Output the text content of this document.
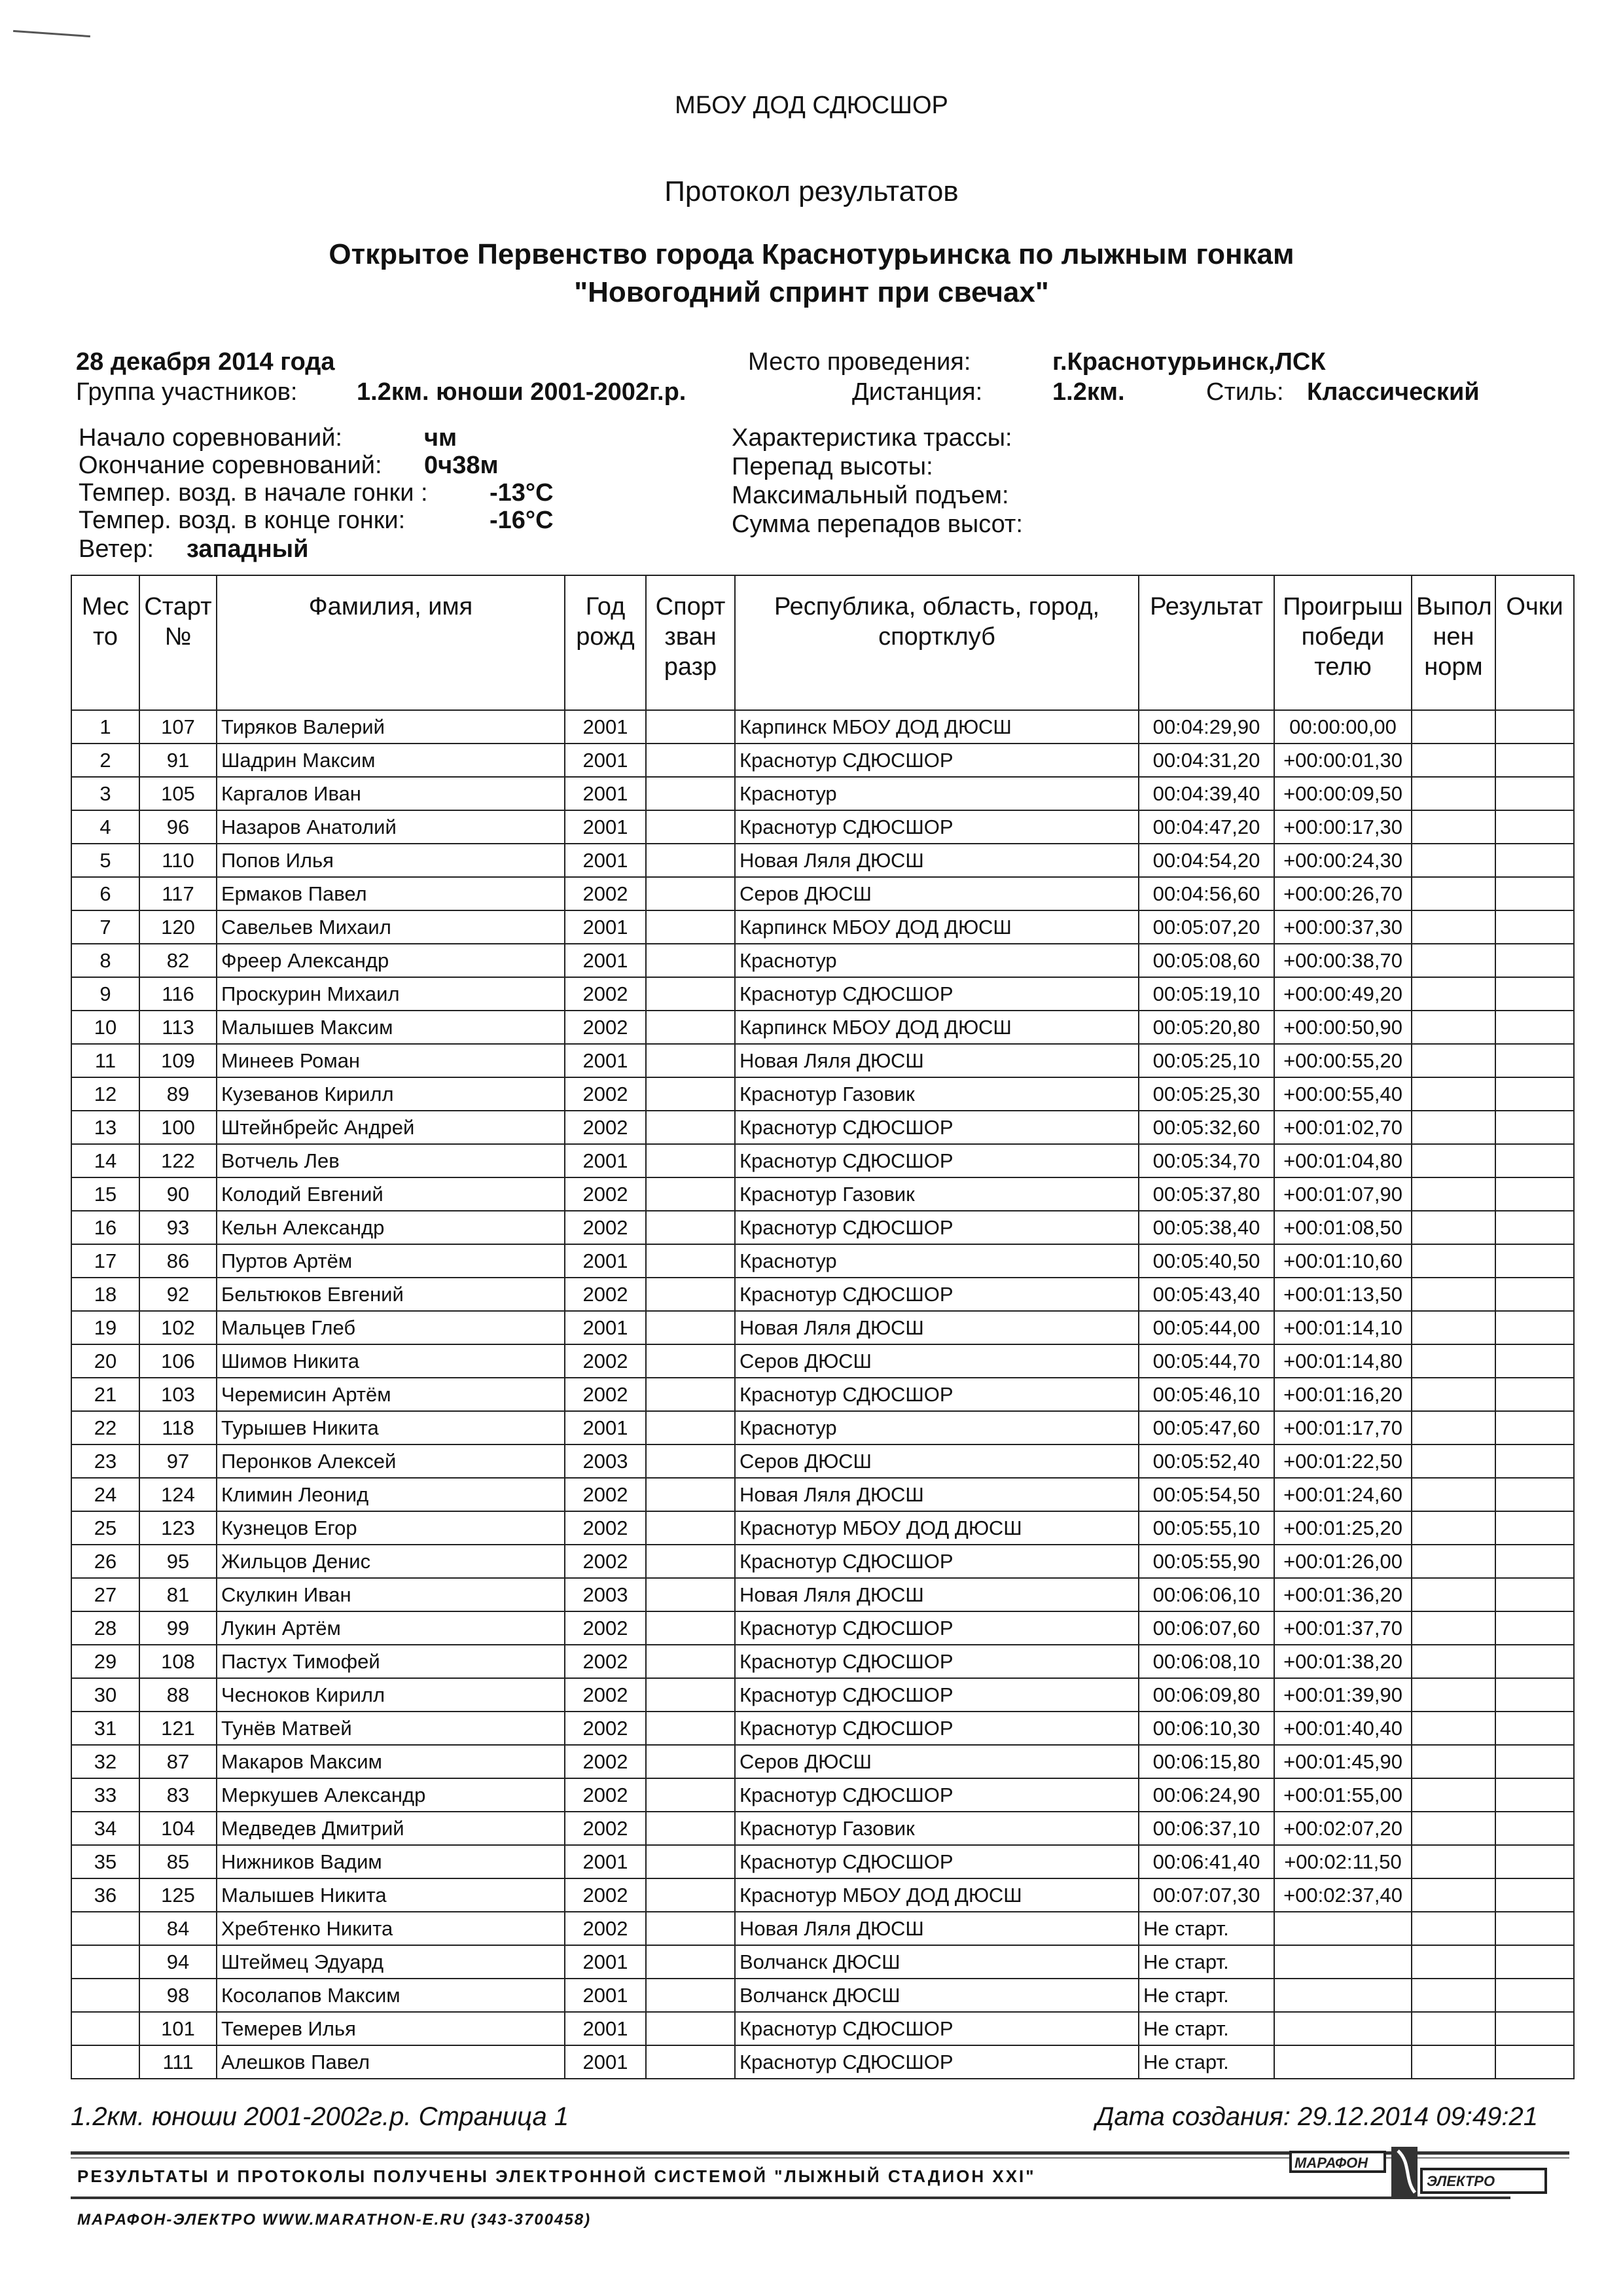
МБОУ ДОД СДЮСШОР
Протокол результатов
Открытое Первенство города Краснотурьинска по лыжным гонкам
"Новогодний спринт при свечах"
28 декабря 2014 года
Группа участников: 1.2км. юноши 2001-2002г.р.
Место проведения:	г.Краснотурьинск,ЛСК
Дистанция:	1.2км.	Стиль: Классический
Начало соревнований:	чм
Окончание соревнований: 0ч38м
Темпер. возд. в начале гонки : -13°C
Темпер. возд. в конце гонки:	-16°C
Ветер: западный
Характеристика трассы:
Перепад высоты:
Максимальный подъем:
Сумма перепадов высот:
Мес то	Старт №	Фамилия, имя	Год рожд	Спорт зван разр	Республика, область, город, спортклуб	Результат	Проигрыш победи телю	Выпол нен норм	Очки
1	107	Тиряков Валерий	2001		Карпинск МБОУ ДОД ДЮСШ	00:04:29,90	00:00:00,00		
2	91	Шадрин Максим	2001		Краснотур СДЮСШОР	00:04:31,20	+00:00:01,30		
3	105	Каргалов Иван	2001		Краснотур	00:04:39,40	+00:00:09,50		
4	96	Назаров Анатолий	2001		Краснотур СДЮСШОР	00:04:47,20	+00:00:17,30		
5	110	Попов Илья	2001		Новая Ляля ДЮСШ	00:04:54,20	+00:00:24,30		
6	117	Ермаков Павел	2002		Серов ДЮСШ	00:04:56,60	+00:00:26,70		
7	120	Савельев Михаил	2001		Карпинск МБОУ ДОД ДЮСШ	00:05:07,20	+00:00:37,30		
8	82	Фреер Александр	2001		Краснотур	00:05:08,60	+00:00:38,70		
9	116	Проскурин Михаил	2002		Краснотур СДЮСШОР	00:05:19,10	+00:00:49,20		
10	113	Малышев Максим	2002		Карпинск МБОУ ДОД ДЮСШ	00:05:20,80	+00:00:50,90		
11	109	Минеев Роман	2001		Новая Ляля ДЮСШ	00:05:25,10	+00:00:55,20		
12	89	Кузеванов Кирилл	2002		Краснотур Газовик	00:05:25,30	+00:00:55,40		
13	100	Штейнбрейс Андрей	2002		Краснотур СДЮСШОР	00:05:32,60	+00:01:02,70		
14	122	Вотчель Лев	2001		Краснотур СДЮСШОР	00:05:34,70	+00:01:04,80		
15	90	Колодий Евгений	2002		Краснотур Газовик	00:05:37,80	+00:01:07,90		
16	93	Кельн Александр	2002		Краснотур СДЮСШОР	00:05:38,40	+00:01:08,50		
17	86	Пуртов Артём	2001		Краснотур	00:05:40,50	+00:01:10,60		
18	92	Бельтюков Евгений	2002		Краснотур СДЮСШОР	00:05:43,40	+00:01:13,50		
19	102	Мальцев Глеб	2001		Новая Ляля ДЮСШ	00:05:44,00	+00:01:14,10		
20	106	Шимов Никита	2002		Серов ДЮСШ	00:05:44,70	+00:01:14,80		
21	103	Черемисин Артём	2002		Краснотур СДЮСШОР	00:05:46,10	+00:01:16,20		
22	118	Турышев Никита	2001		Краснотур	00:05:47,60	+00:01:17,70		
23	97	Перонков Алексей	2003		Серов ДЮСШ	00:05:52,40	+00:01:22,50		
24	124	Климин Леонид	2002		Новая Ляля ДЮСШ	00:05:54,50	+00:01:24,60		
25	123	Кузнецов Егор	2002		Краснотур МБОУ ДОД ДЮСШ	00:05:55,10	+00:01:25,20		
26	95	Жильцов Денис	2002		Краснотур СДЮСШОР	00:05:55,90	+00:01:26,00		
27	81	Скулкин Иван	2003		Новая Ляля ДЮСШ	00:06:06,10	+00:01:36,20		
28	99	Лукин Артём	2002		Краснотур СДЮСШОР	00:06:07,60	+00:01:37,70		
29	108	Пастух Тимофей	2002		Краснотур СДЮСШОР	00:06:08,10	+00:01:38,20		
30	88	Чесноков Кирилл	2002		Краснотур СДЮСШОР	00:06:09,80	+00:01:39,90		
31	121	Тунёв Матвей	2002		Краснотур СДЮСШОР	00:06:10,30	+00:01:40,40		
32	87	Макаров Максим	2002		Серов ДЮСШ	00:06:15,80	+00:01:45,90		
33	83	Меркушев Александр	2002		Краснотур СДЮСШОР	00:06:24,90	+00:01:55,00		
34	104	Медведев Дмитрий	2002		Краснотур Газовик	00:06:37,10	+00:02:07,20		
35	85	Нижников Вадим	2001		Краснотур СДЮСШОР	00:06:41,40	+00:02:11,50		
36	125	Малышев Никита	2002		Краснотур МБОУ ДОД ДЮСШ	00:07:07,30	+00:02:37,40		
	84	Хребтенко Никита	2002		Новая Ляля ДЮСШ	Не старт.			
	94	Штеймец Эдуард	2001		Волчанск ДЮСШ	Не старт.			
	98	Косолапов Максим	2001		Волчанск ДЮСШ	Не старт.			
	101	Темерев Илья	2001		Краснотур СДЮСШОР	Не старт.			
	111	Алешков Павел	2001		Краснотур СДЮСШОР	Не старт.			
1.2км. юноши 2001-2002г.р. Страница 1	Дата создания: 29.12.2014 09:49:21
РЕЗУЛЬТАТЫ И ПРОТОКОЛЫ ПОЛУЧЕНЫ ЭЛЕКТРОННОЙ СИСТЕМОЙ "ЛЫЖНЫЙ СТАДИОН XXI"
МАРАФОН-ЭЛЕКТРО WWW.MARATHON-E.RU (343-3700458)
МАРАФОН
ЭЛЕКТРО
